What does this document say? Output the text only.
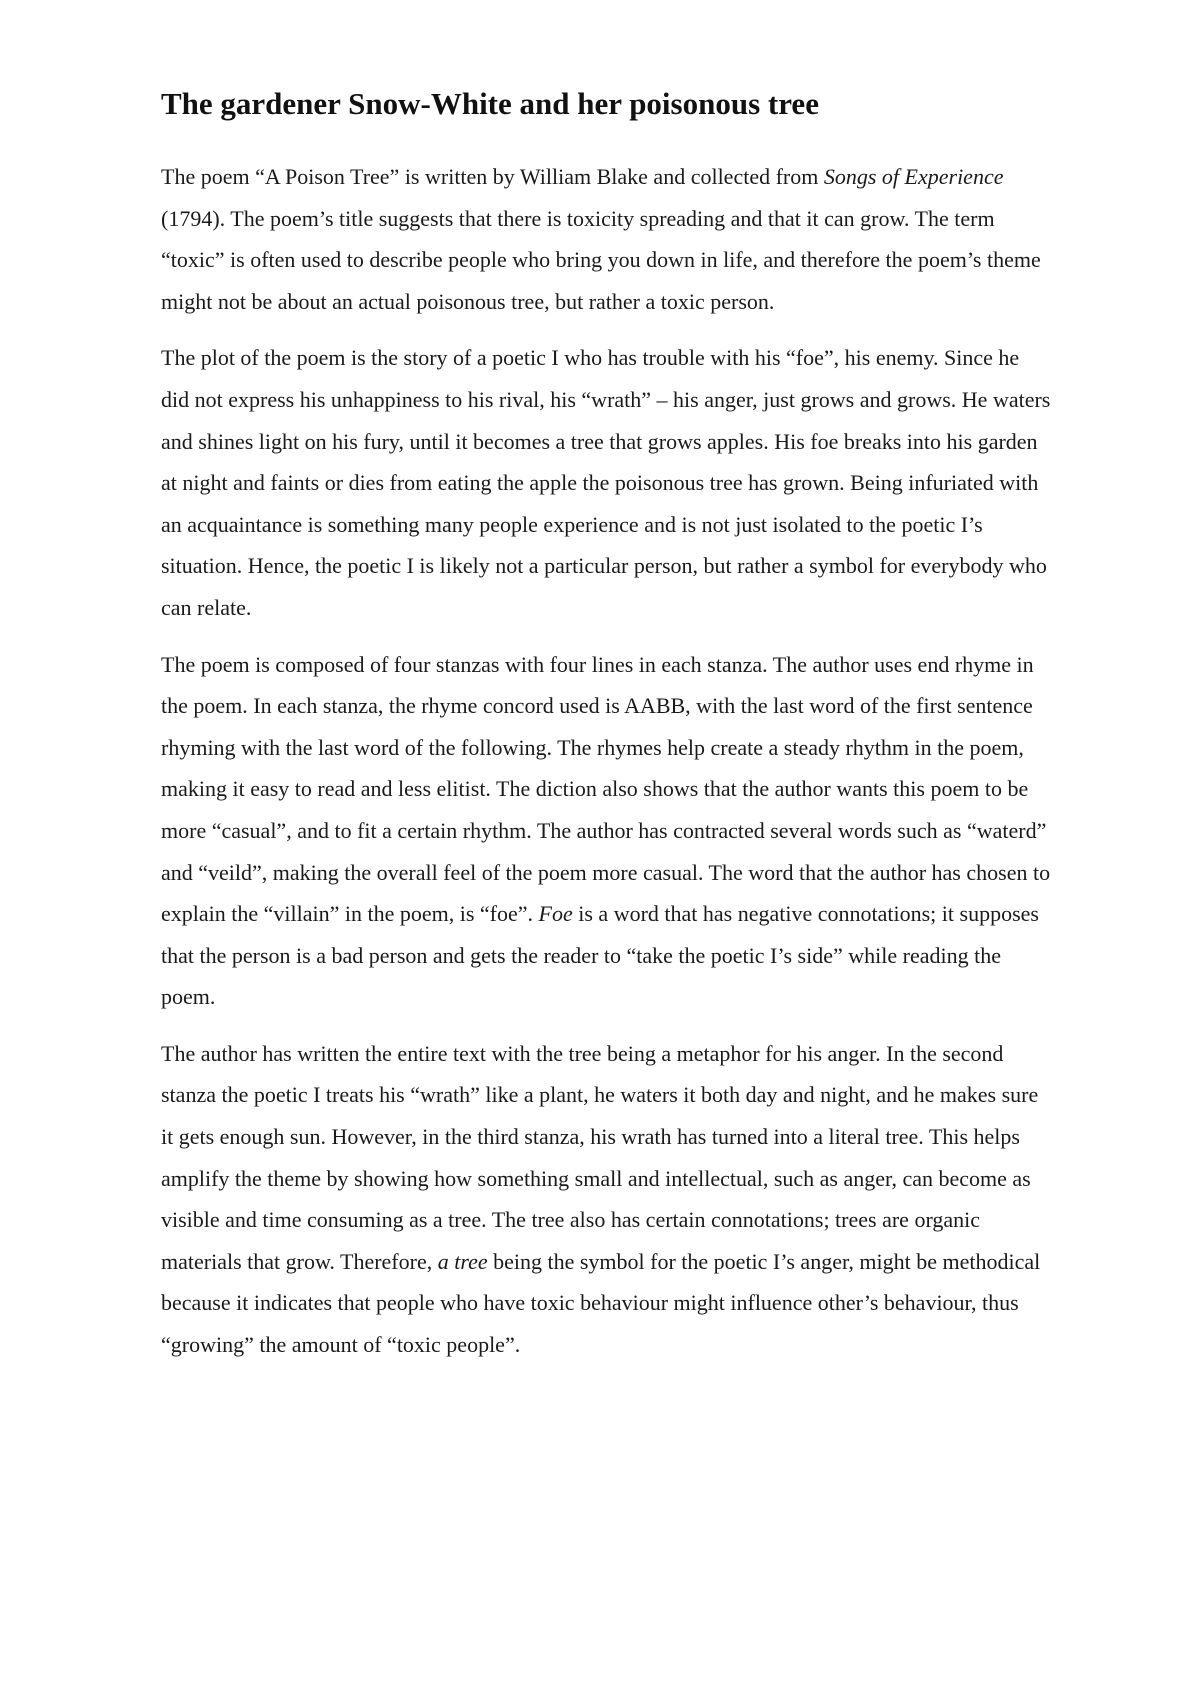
The gardener Snow-White and her poisonous tree

The poem “A Poison Tree” is written by William Blake and collected from Songs of Experience (1794). The poem’s title suggests that there is toxicity spreading and that it can grow. The term “toxic” is often used to describe people who bring you down in life, and therefore the poem’s theme might not be about an actual poisonous tree, but rather a toxic person.

The plot of the poem is the story of a poetic I who has trouble with his “foe”, his enemy. Since he did not express his unhappiness to his rival, his “wrath” – his anger, just grows and grows. He waters and shines light on his fury, until it becomes a tree that grows apples. His foe breaks into his garden at night and faints or dies from eating the apple the poisonous tree has grown. Being infuriated with an acquaintance is something many people experience and is not just isolated to the poetic I’s situation. Hence, the poetic I is likely not a particular person, but rather a symbol for everybody who can relate.

The poem is composed of four stanzas with four lines in each stanza. The author uses end rhyme in the poem. In each stanza, the rhyme concord used is AABB, with the last word of the first sentence rhyming with the last word of the following. The rhymes help create a steady rhythm in the poem, making it easy to read and less elitist. The diction also shows that the author wants this poem to be more “casual”, and to fit a certain rhythm. The author has contracted several words such as “waterd” and “veild”, making the overall feel of the poem more casual. The word that the author has chosen to explain the “villain” in the poem, is “foe”. Foe is a word that has negative connotations; it supposes that the person is a bad person and gets the reader to “take the poetic I’s side” while reading the poem.

The author has written the entire text with the tree being a metaphor for his anger. In the second stanza the poetic I treats his “wrath” like a plant, he waters it both day and night, and he makes sure it gets enough sun. However, in the third stanza, his wrath has turned into a literal tree. This helps amplify the theme by showing how something small and intellectual, such as anger, can become as visible and time consuming as a tree. The tree also has certain connotations; trees are organic materials that grow. Therefore, a tree being the symbol for the poetic I’s anger, might be methodical because it indicates that people who have toxic behaviour might influence other’s behaviour, thus “growing” the amount of “toxic people”.
